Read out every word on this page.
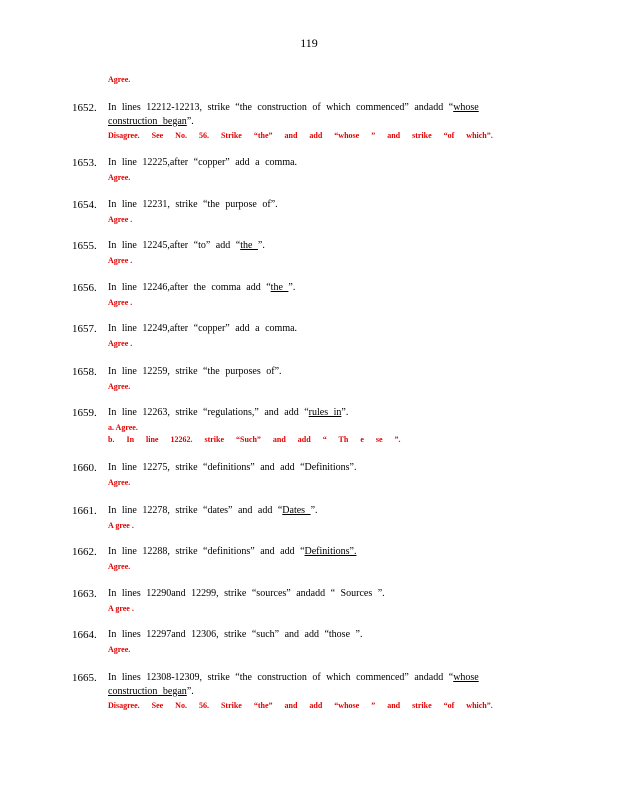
119
Agree.
1652. In lines 12212-12213, strike “the construction of which commenced” andadd “whose
construction began”.
Disagree. See No. 56. Strike “the” and add “whose ” and strike “of which”.
1653. In line 12225,after “copper” add a comma.
Agree.
1654. In line 12231, strike “the purpose of”.
Agree .
1655. In line 12245,after “to” add “the ”.
Agree .
1656. In line 12246,after the comma add “the ”.
Agree .
1657. In line 12249,after “copper” add a comma.
Agree .
1658. In line 12259, strike “the purposes of”.
Agree.
1659. In line 12263, strike “regulations,” and add “rules in”.
a. Agree.
b. In line 12262. strike “Such” and add “ Th e se ”.
1660. In line 12275, strike “definitions” and add “Definitions”.
Agree.
1661. In line 12278, strike “dates” and add “Dates ”.
A gree .
1662. In line 12288, strike “definitions” and add “Definitions”.
Agree.
1663. In lines 12290and 12299, strike “sources” andadd “ Sources ”.
A gree .
1664. In lines 12297and 12306, strike “such” and add “those ”.
Agree.
1665. In lines 12308-12309, strike “the construction of which commenced” andadd “whose
construction began”.
Disagree. See No. 56. Strike “the” and add “whose ” and strike “of which”.
